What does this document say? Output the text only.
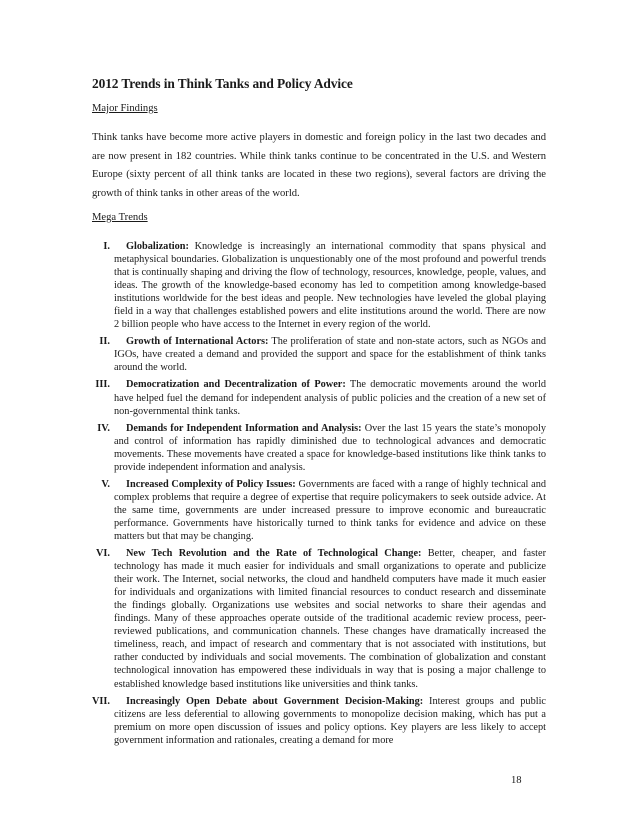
2012 Trends in Think Tanks and Policy Advice
Major Findings

Think tanks have become more active players in domestic and foreign policy in the last two decades and are now present in 182 countries. While think tanks continue to be concentrated in the U.S. and Western Europe (sixty percent of all think tanks are located in these two regions), several factors are driving the growth of think tanks in other areas of the world.

Mega Trends
I. Globalization: Knowledge is increasingly an international commodity that spans physical and metaphysical boundaries. Globalization is unquestionably one of the most profound and powerful trends that is continually shaping and driving the flow of technology, resources, knowledge, people, values, and ideas. The growth of the knowledge-based economy has led to competition among knowledge-based institutions worldwide for the best ideas and people. New technologies have leveled the global playing field in a way that challenges established powers and elite institutions around the world. There are now 2 billion people who have access to the Internet in every region of the world.
II. Growth of International Actors: The proliferation of state and non-state actors, such as NGOs and IGOs, have created a demand and provided the support and space for the establishment of think tanks around the world.
III. Democratization and Decentralization of Power: The democratic movements around the world have helped fuel the demand for independent analysis of public policies and the creation of a new set of non-governmental think tanks.
IV. Demands for Independent Information and Analysis: Over the last 15 years the state’s monopoly and control of information has rapidly diminished due to technological advances and democratic movements. These movements have created a space for knowledge-based institutions like think tanks to provide independent information and analysis.
V. Increased Complexity of Policy Issues: Governments are faced with a range of highly technical and complex problems that require a degree of expertise that require policymakers to seek outside advice. At the same time, governments are under increased pressure to improve economic and bureaucratic performance. Governments have historically turned to think tanks for evidence and advice on these matters but that may be changing.
VI. New Tech Revolution and the Rate of Technological Change: Better, cheaper, and faster technology has made it much easier for individuals and small organizations to operate and publicize their work. The Internet, social networks, the cloud and handheld computers have made it much easier for individuals and organizations with limited financial resources to conduct research and disseminate the findings globally. Organizations use websites and social networks to share their agendas and findings. Many of these approaches operate outside of the traditional academic review process, peer-reviewed publications, and communication channels. These changes have dramatically increased the timeliness, reach, and impact of research and commentary that is not associated with institutions, but rather conducted by individuals and social movements. The combination of globalization and constant technological innovation has empowered these individuals in way that is posing a major challenge to established knowledge based institutions like universities and think tanks.
VII. Increasingly Open Debate about Government Decision-Making: Interest groups and public citizens are less deferential to allowing governments to monopolize decision making, which has put a premium on more open discussion of issues and policy options. Key players are less likely to accept government information and rationales, creating a demand for more
18
